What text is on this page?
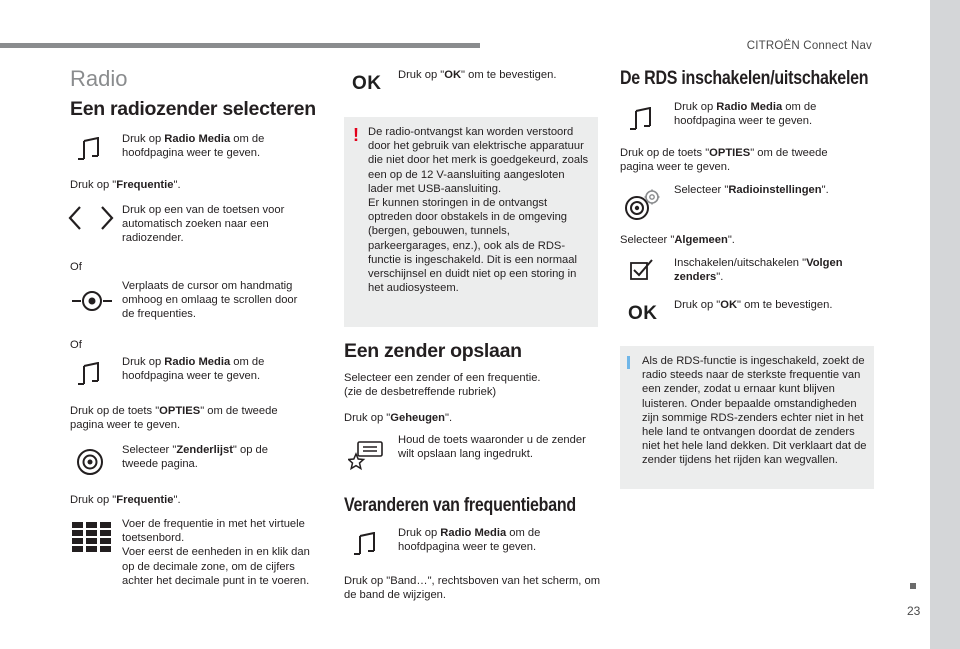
CITROËN Connect Nav
23
Radio
Een radiozender selecteren
Druk op Radio Media om de hoofdpagina weer te geven.
Druk op "Frequentie".
Druk op een van de toetsen voor automatisch zoeken naar een radiozender.
Of
Verplaats de cursor om handmatig omhoog en omlaag te scrollen door de frequenties.
Of
Druk op Radio Media om de hoofdpagina weer te geven.
Druk op de toets "OPTIES" om de tweede pagina weer te geven.
Selecteer "Zenderlijst" op de tweede pagina.
Druk op "Frequentie".
Voer de frequentie in met het virtuele toetsenbord.
Voer eerst de eenheden in en klik dan op de decimale zone, om de cijfers achter het decimale punt in te voeren.
OK Druk op "OK" om te bevestigen.
! De radio-ontvangst kan worden verstoord door het gebruik van elektrische apparatuur die niet door het merk is goedgekeurd, zoals een op de 12 V-aansluiting aangesloten lader met USB-aansluiting.
Er kunnen storingen in de ontvangst optreden door obstakels in de omgeving (bergen, gebouwen, tunnels, parkeergarages, enz.), ook als de RDS-functie is ingeschakeld. Dit is een normaal verschijnsel en duidt niet op een storing in het audiosysteem.
Een zender opslaan
Selecteer een zender of een frequentie.
(zie de desbetreffende rubriek)
Druk op "Geheugen".
Houd de toets waaronder u de zender wilt opslaan lang ingedrukt.
Veranderen van frequentieband
Druk op Radio Media om de hoofdpagina weer te geven.
Druk op "Band…", rechtsboven van het scherm, om de band de wijzigen.
De RDS inschakelen/uitschakelen
Druk op Radio Media om de hoofdpagina weer te geven.
Druk op de toets "OPTIES" om de tweede pagina weer te geven.
Selecteer "Radioinstellingen".
Selecteer "Algemeen".
Inschakelen/uitschakelen "Volgen zenders".
OK Druk op "OK" om te bevestigen.
Als de RDS-functie is ingeschakeld, zoekt de radio steeds naar de sterkste frequentie van een zender, zodat u ernaar kunt blijven luisteren. Onder bepaalde omstandigheden zijn sommige RDS-zenders echter niet in het hele land te ontvangen doordat de zenders niet het hele land dekken. Dit verklaart dat de zender tijdens het rijden kan wegvallen.
